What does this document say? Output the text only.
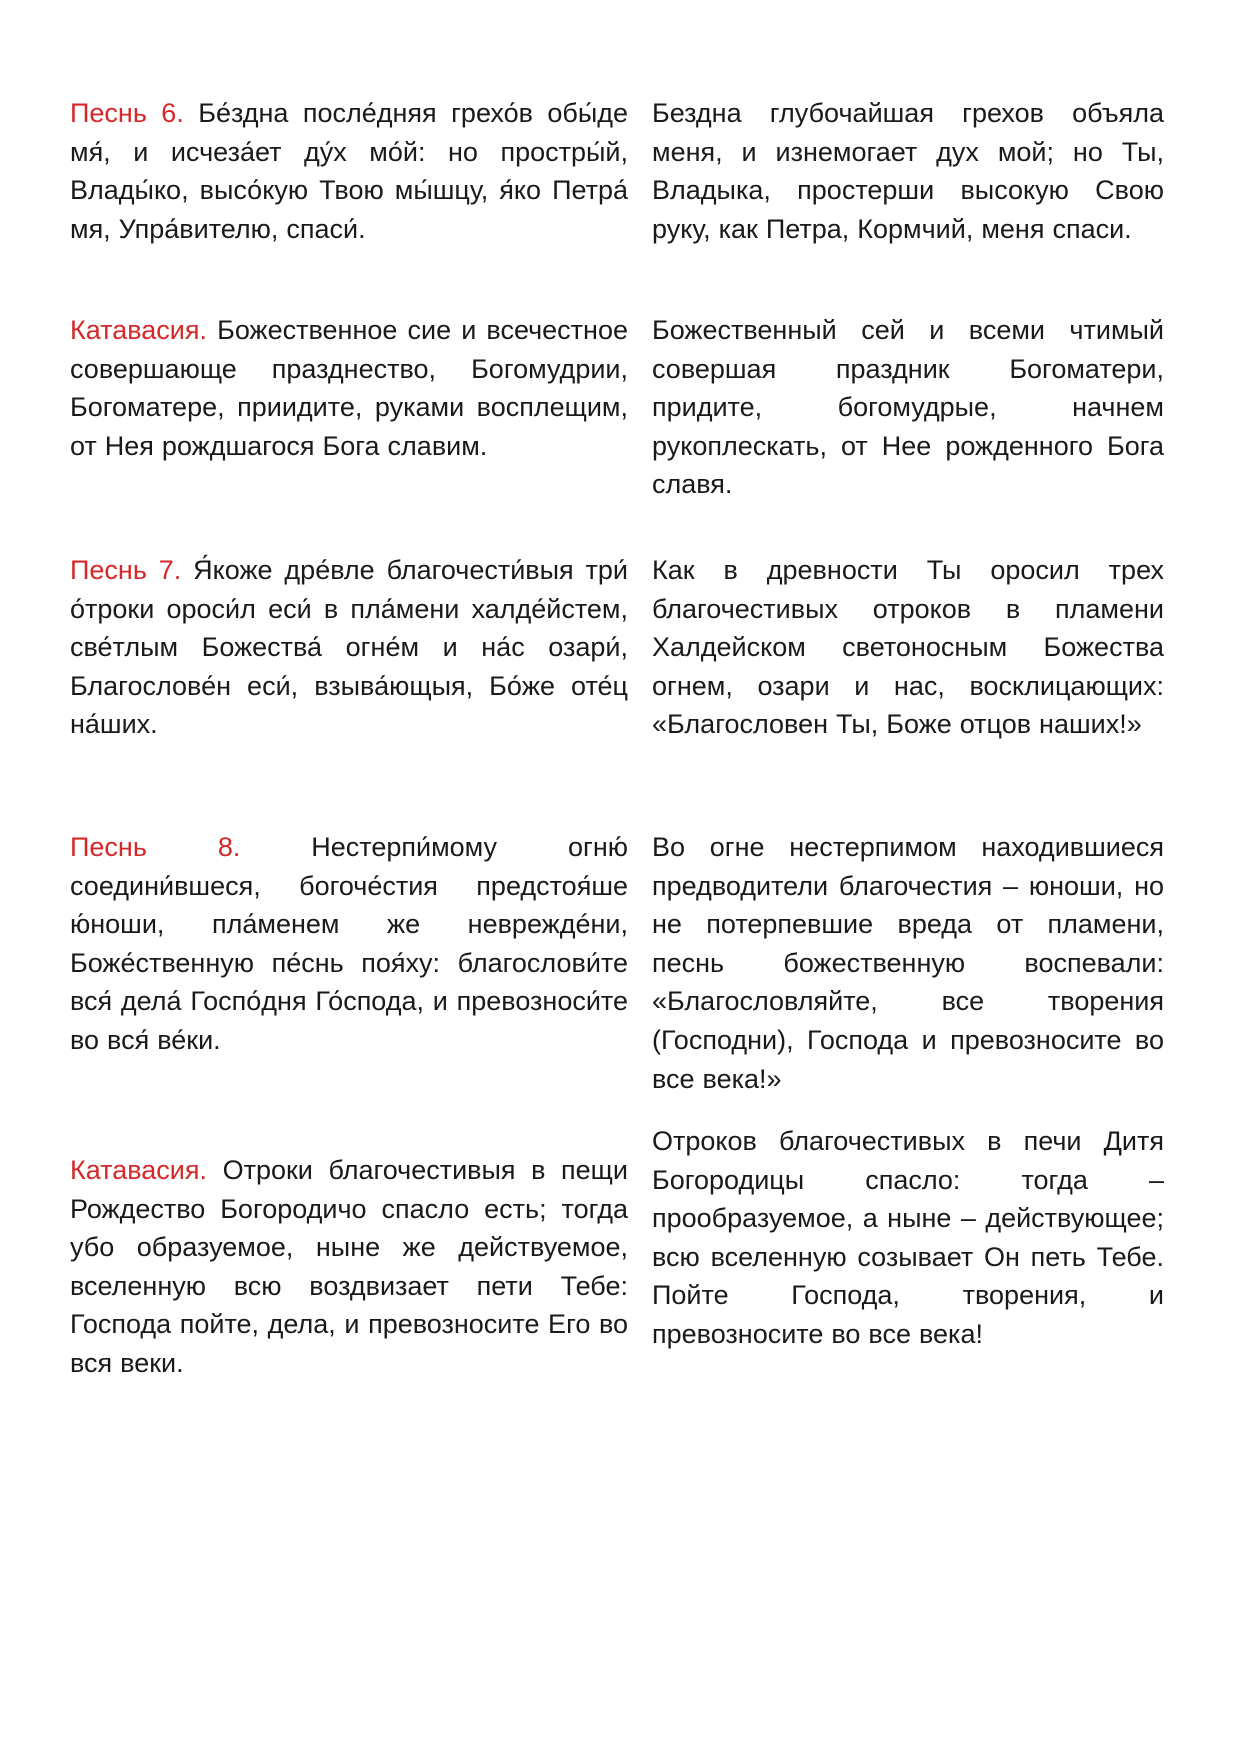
Песнь 6. Бе́здна после́дняя грехо́в обы́де мя́, и исчеза́ет ду́х мо́й: но простры́й, Влады́ко, высо́кую Твою мы́шцу, я́ко Петра́ мя, Упра́вителю, спаси́.

Бездна глубочайшая грехов объяла меня, и изнемогает дух мой; но Ты, Владыка, простерши высокую Свою руку, как Петра, Кормчий, меня спаси.

Катавасия. Божественное сие и всечестное совершающе празднество, Богомудрии, Богоматере, приидите, руками восплещим, от Нея рождшагося Бога славим.

Божественный сей и всеми чтимый совершая праздник Богоматери, придите, богомудрые, начнем рукоплескать, от Нее рожденного Бога славя.

Песнь 7. Я́коже дре́вле благочести́выя три́ о́троки ороси́л еси́ в пла́мени халде́йстем, све́тлым Божества́ огне́м и на́с озари́, Благослове́н еси́, взыва́ющыя, Бо́же оте́ц на́ших.

Как в древности Ты оросил трех благочестивых отроков в пламени Халдейском светоносным Божества огнем, озари и нас, восклицающих: «Благословен Ты, Боже отцов наших!»

Песнь 8.	Нестерпи́мому огню́ соедини́вшеся, богоче́стия предстоя́ше ю́ноши, пла́менем же невреждéни, Боже́ственную пе́снь поя́ху: благослови́те вся́ дела́ Госпо́дня Го́спода, и превозноси́те во вся́ ве́ки.

Во огне нестерпимом находившиеся предводители благочестия – юноши, но не потерпевшие вреда от пламени, песнь божественную воспевали: «Благословляйте, все творения (Господни), Господа и превозносите во все века!»

Катавасия. Отроки благочестивыя в пещи Рождество Богородичо спасло есть; тогда убо образуемое, ныне же действуемое, вселенную всю воздвизает пети Тебе: Господа пойте, дела, и превозносите Его во вся веки.

Отроков благочестивых в печи Дитя Богородицы спасло: тогда – прообразуемое, а ныне – действующее; всю вселенную созывает Он петь Тебе. Пойте Господа, творения, и превозносите во все века!
